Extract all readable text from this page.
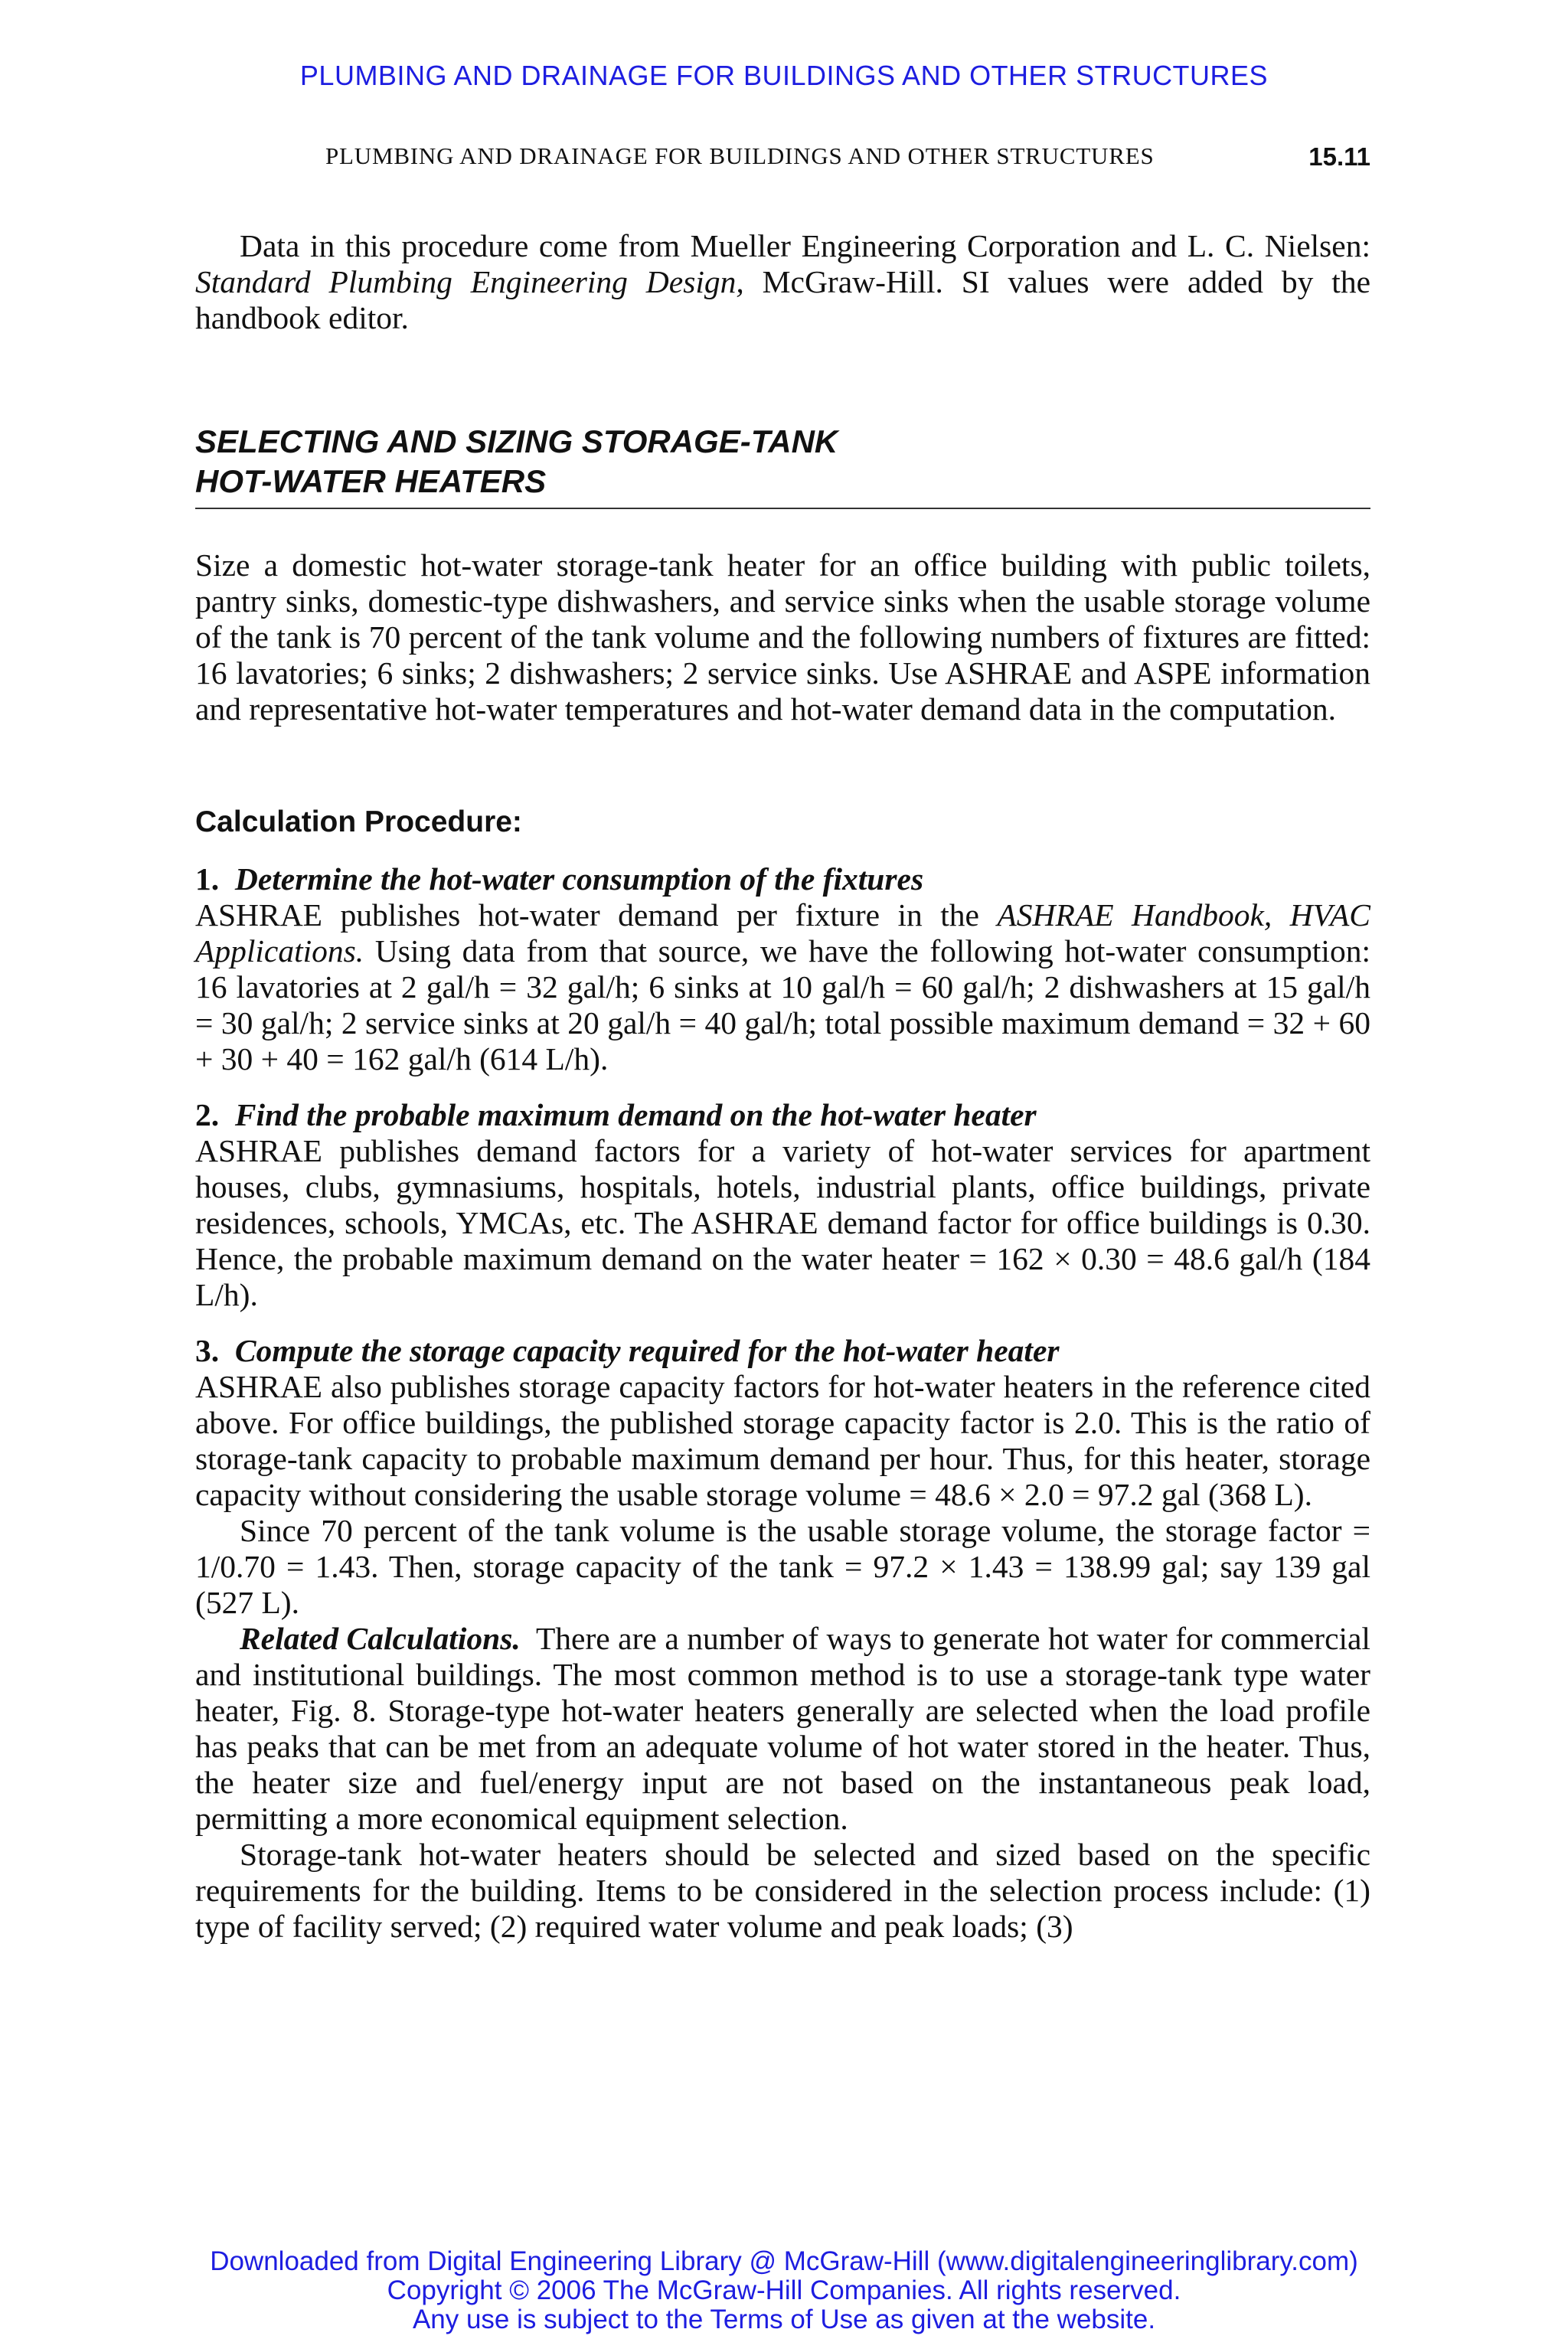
PLUMBING AND DRAINAGE FOR BUILDINGS AND OTHER STRUCTURES
PLUMBING AND DRAINAGE FOR BUILDINGS AND OTHER STRUCTURES	15.11

Data in this procedure come from Mueller Engineering Corporation and L. C. Nielsen: Standard Plumbing Engineering Design, McGraw-Hill. SI values were added by the handbook editor.

SELECTING AND SIZING STORAGE-TANK
HOT-WATER HEATERS

Size a domestic hot-water storage-tank heater for an office building with public toilets, pantry sinks, domestic-type dishwashers, and service sinks when the usable storage volume of the tank is 70 percent of the tank volume and the following numbers of fixtures are fitted: 16 lavatories; 6 sinks; 2 dishwashers; 2 service sinks. Use ASHRAE and ASPE information and representative hot-water temperatures and hot-water demand data in the computation.

Calculation Procedure:

1. Determine the hot-water consumption of the fixtures

ASHRAE publishes hot-water demand per fixture in the ASHRAE Handbook, HVAC Applications. Using data from that source, we have the following hot-water consumption: 16 lavatories at 2 gal/h = 32 gal/h; 6 sinks at 10 gal/h = 60 gal/h; 2 dishwashers at 15 gal/h = 30 gal/h; 2 service sinks at 20 gal/h = 40 gal/h; total possible maximum demand = 32 + 60 + 30 + 40 = 162 gal/h (614 L/h).

2. Find the probable maximum demand on the hot-water heater

ASHRAE publishes demand factors for a variety of hot-water services for apartment houses, clubs, gymnasiums, hospitals, hotels, industrial plants, office buildings, private residences, schools, YMCAs, etc. The ASHRAE demand factor for office buildings is 0.30. Hence, the probable maximum demand on the water heater = 162 × 0.30 = 48.6 gal/h (184 L/h).

3. Compute the storage capacity required for the hot-water heater

ASHRAE also publishes storage capacity factors for hot-water heaters in the reference cited above. For office buildings, the published storage capacity factor is 2.0. This is the ratio of storage-tank capacity to probable maximum demand per hour. Thus, for this heater, storage capacity without considering the usable storage volume = 48.6 × 2.0 = 97.2 gal (368 L).

Since 70 percent of the tank volume is the usable storage volume, the storage factor = 1/0.70 = 1.43. Then, storage capacity of the tank = 97.2 × 1.43 = 138.99 gal; say 139 gal (527 L).

Related Calculations. There are a number of ways to generate hot water for commercial and institutional buildings. The most common method is to use a storage-tank type water heater, Fig. 8. Storage-type hot-water heaters generally are selected when the load profile has peaks that can be met from an adequate volume of hot water stored in the heater. Thus, the heater size and fuel/energy input are not based on the instantaneous peak load, permitting a more economical equipment selection.

Storage-tank hot-water heaters should be selected and sized based on the specific requirements for the building. Items to be considered in the selection process include: (1) type of facility served; (2) required water volume and peak loads; (3)

Downloaded from Digital Engineering Library @ McGraw-Hill (www.digitalengineeringlibrary.com)
Copyright © 2006 The McGraw-Hill Companies. All rights reserved.
Any use is subject to the Terms of Use as given at the website.
